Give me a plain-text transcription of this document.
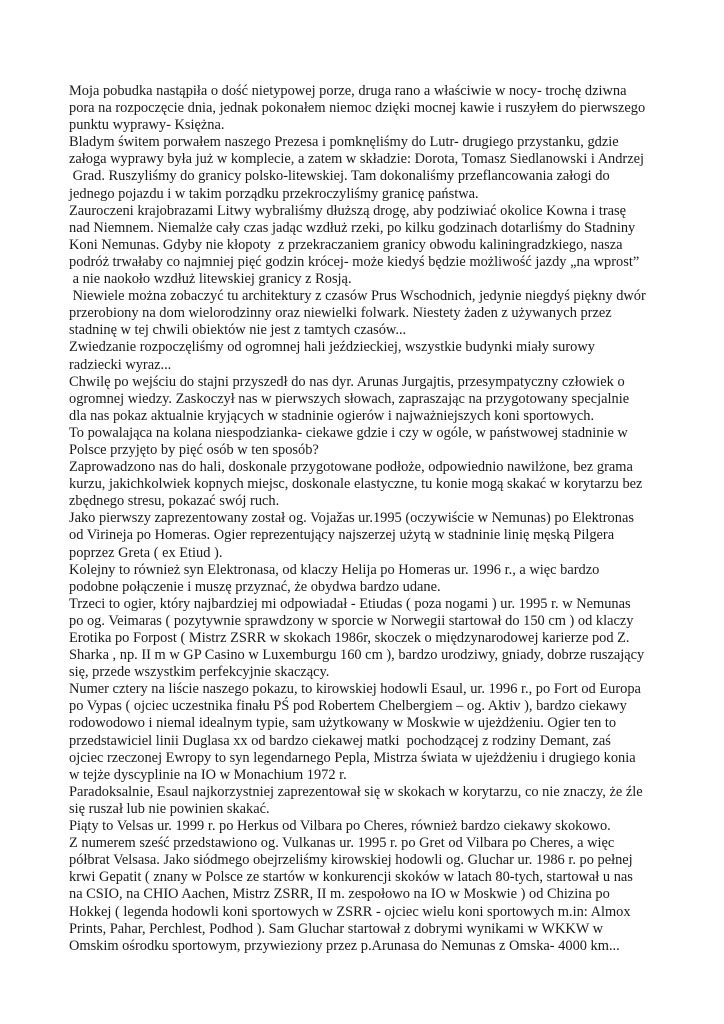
Moja pobudka nastąpiła o dość nietypowej porze, druga rano a właściwie w nocy- trochę dziwna
pora na rozpoczęcie dnia, jednak pokonałem niemoc dzięki mocnej kawie i ruszyłem do pierwszego
punktu wyprawy- Księżna.
Bladym świtem porwałem naszego Prezesa i pomknęliśmy do Lutr- drugiego przystanku, gdzie
załoga wyprawy była już w komplecie, a zatem w składzie: Dorota, Tomasz Siedlanowski i Andrzej
Grad. Ruszyliśmy do granicy polsko-litewskiej. Tam dokonaliśmy przeflancowania załogi do
jednego pojazdu i w takim porządku przekroczyliśmy granicę państwa.
Zauroczeni krajobrazami Litwy wybraliśmy dłuższą drogę, aby podziwiać okolice Kowna i trasę
nad Niemnem. Niemalże cały czas jadąc wzdłuż rzeki, po kilku godzinach dotarliśmy do Stadniny
Koni Nemunas. Gdyby nie kłopoty  z przekraczaniem granicy obwodu kaliningradzkiego, nasza
podróż trwałaby co najmniej pięć godzin krócej- może kiedyś będzie możliwość jazdy „na wprost”
a nie naokoło wzdłuż litewskiej granicy z Rosją.
Niewiele można zobaczyć tu architektury z czasów Prus Wschodnich, jedynie niegdyś piękny dwór
przerobiony na dom wielorodzinny oraz niewielki folwark. Niestety żaden z używanych przez
stadninę w tej chwili obiektów nie jest z tamtych czasów...
Zwiedzanie rozpoczęliśmy od ogromnej hali jeździeckiej, wszystkie budynki miały surowy
radziecki wyraz...
Chwilę po wejściu do stajni przyszedł do nas dyr. Arunas Jurgajtis, przesympatyczny człowiek o
ogromnej wiedzy. Zaskoczył nas w pierwszych słowach, zapraszając na przygotowany specjalnie
dla nas pokaz aktualnie kryjących w stadninie ogierów i najważniejszych koni sportowych.
To powalająca na kolana niespodzianka- ciekawe gdzie i czy w ogóle, w państwowej stadninie w
Polsce przyjęto by pięć osób w ten sposób?
Zaprowadzono nas do hali, doskonale przygotowane podłoże, odpowiednio nawilżone, bez grama
kurzu, jakichkolwiek kopnych miejsc, doskonale elastyczne, tu konie mogą skakać w korytarzu bez
zbędnego stresu, pokazać swój ruch.
Jako pierwszy zaprezentowany został og. Vojažas ur.1995 (oczywiście w Nemunas) po Elektronas
od Virineja po Homeras. Ogier reprezentujący najszerzej użytą w stadninie linię męską Pilgera
poprzez Greta ( ex Etiud ).
Kolejny to również syn Elektronasa, od klaczy Helija po Homeras ur. 1996 r., a więc bardzo
podobne połączenie i muszę przyznać, że obydwa bardzo udane.
Trzeci to ogier, który najbardziej mi odpowiadał - Etiudas ( poza nogami ) ur. 1995 r. w Nemunas
po og. Veimaras ( pozytywnie sprawdzony w sporcie w Norwegii startował do 150 cm ) od klaczy
Erotika po Forpost ( Mistrz ZSRR w skokach 1986r, skoczek o międzynarodowej karierze pod Z.
Sharka , np. II m w GP Casino w Luxemburgu 160 cm ), bardzo urodziwy, gniady, dobrze ruszający
się, przede wszystkim perfekcyjnie skaczący.
Numer cztery na liście naszego pokazu, to kirowskiej hodowli Esaul, ur. 1996 r., po Fort od Europa
po Vypas ( ojciec uczestnika finału PŚ pod Robertem Chelbergiem – og. Aktiv ), bardzo ciekawy
rodowodowo i niemal idealnym typie, sam użytkowany w Moskwie w ujeżdżeniu. Ogier ten to
przedstawiciel linii Duglasa xx od bardzo ciekawej matki  pochodzącej z rodziny Demant, zaś
ojciec rzeczonej Ewropy to syn legendarnego Pepla, Mistrza świata w ujeżdżeniu i drugiego konia
w tejże dyscyplinie na IO w Monachium 1972 r.
Paradoksalnie, Esaul najkorzystniej zaprezentował się w skokach w korytarzu, co nie znaczy, że źle
się ruszał lub nie powinien skakać.
Piąty to Velsas ur. 1999 r. po Herkus od Vilbara po Cheres, również bardzo ciekawy skokowo.
Z numerem sześć przedstawiono og. Vulkanas ur. 1995 r. po Gret od Vilbara po Cheres, a więc
półbrat Velsasa. Jako siódmego obejrzeliśmy kirowskiej hodowli og. Gluchar ur. 1986 r. po pełnej
krwi Gepatit ( znany w Polsce ze startów w konkurencji skoków w latach 80-tych, startował u nas
na CSIO, na CHIO Aachen, Mistrz ZSRR, II m. zespołowo na IO w Moskwie ) od Chizina po
Hokkej ( legenda hodowli koni sportowych w ZSRR - ojciec wielu koni sportowych m.in: Almox
Prints, Pahar, Perchlest, Podhod ). Sam Gluchar startował z dobrymi wynikami w WKKW w
Omskim ośrodku sportowym, przywieziony przez p.Arunasa do Nemunas z Omska- 4000 km...
